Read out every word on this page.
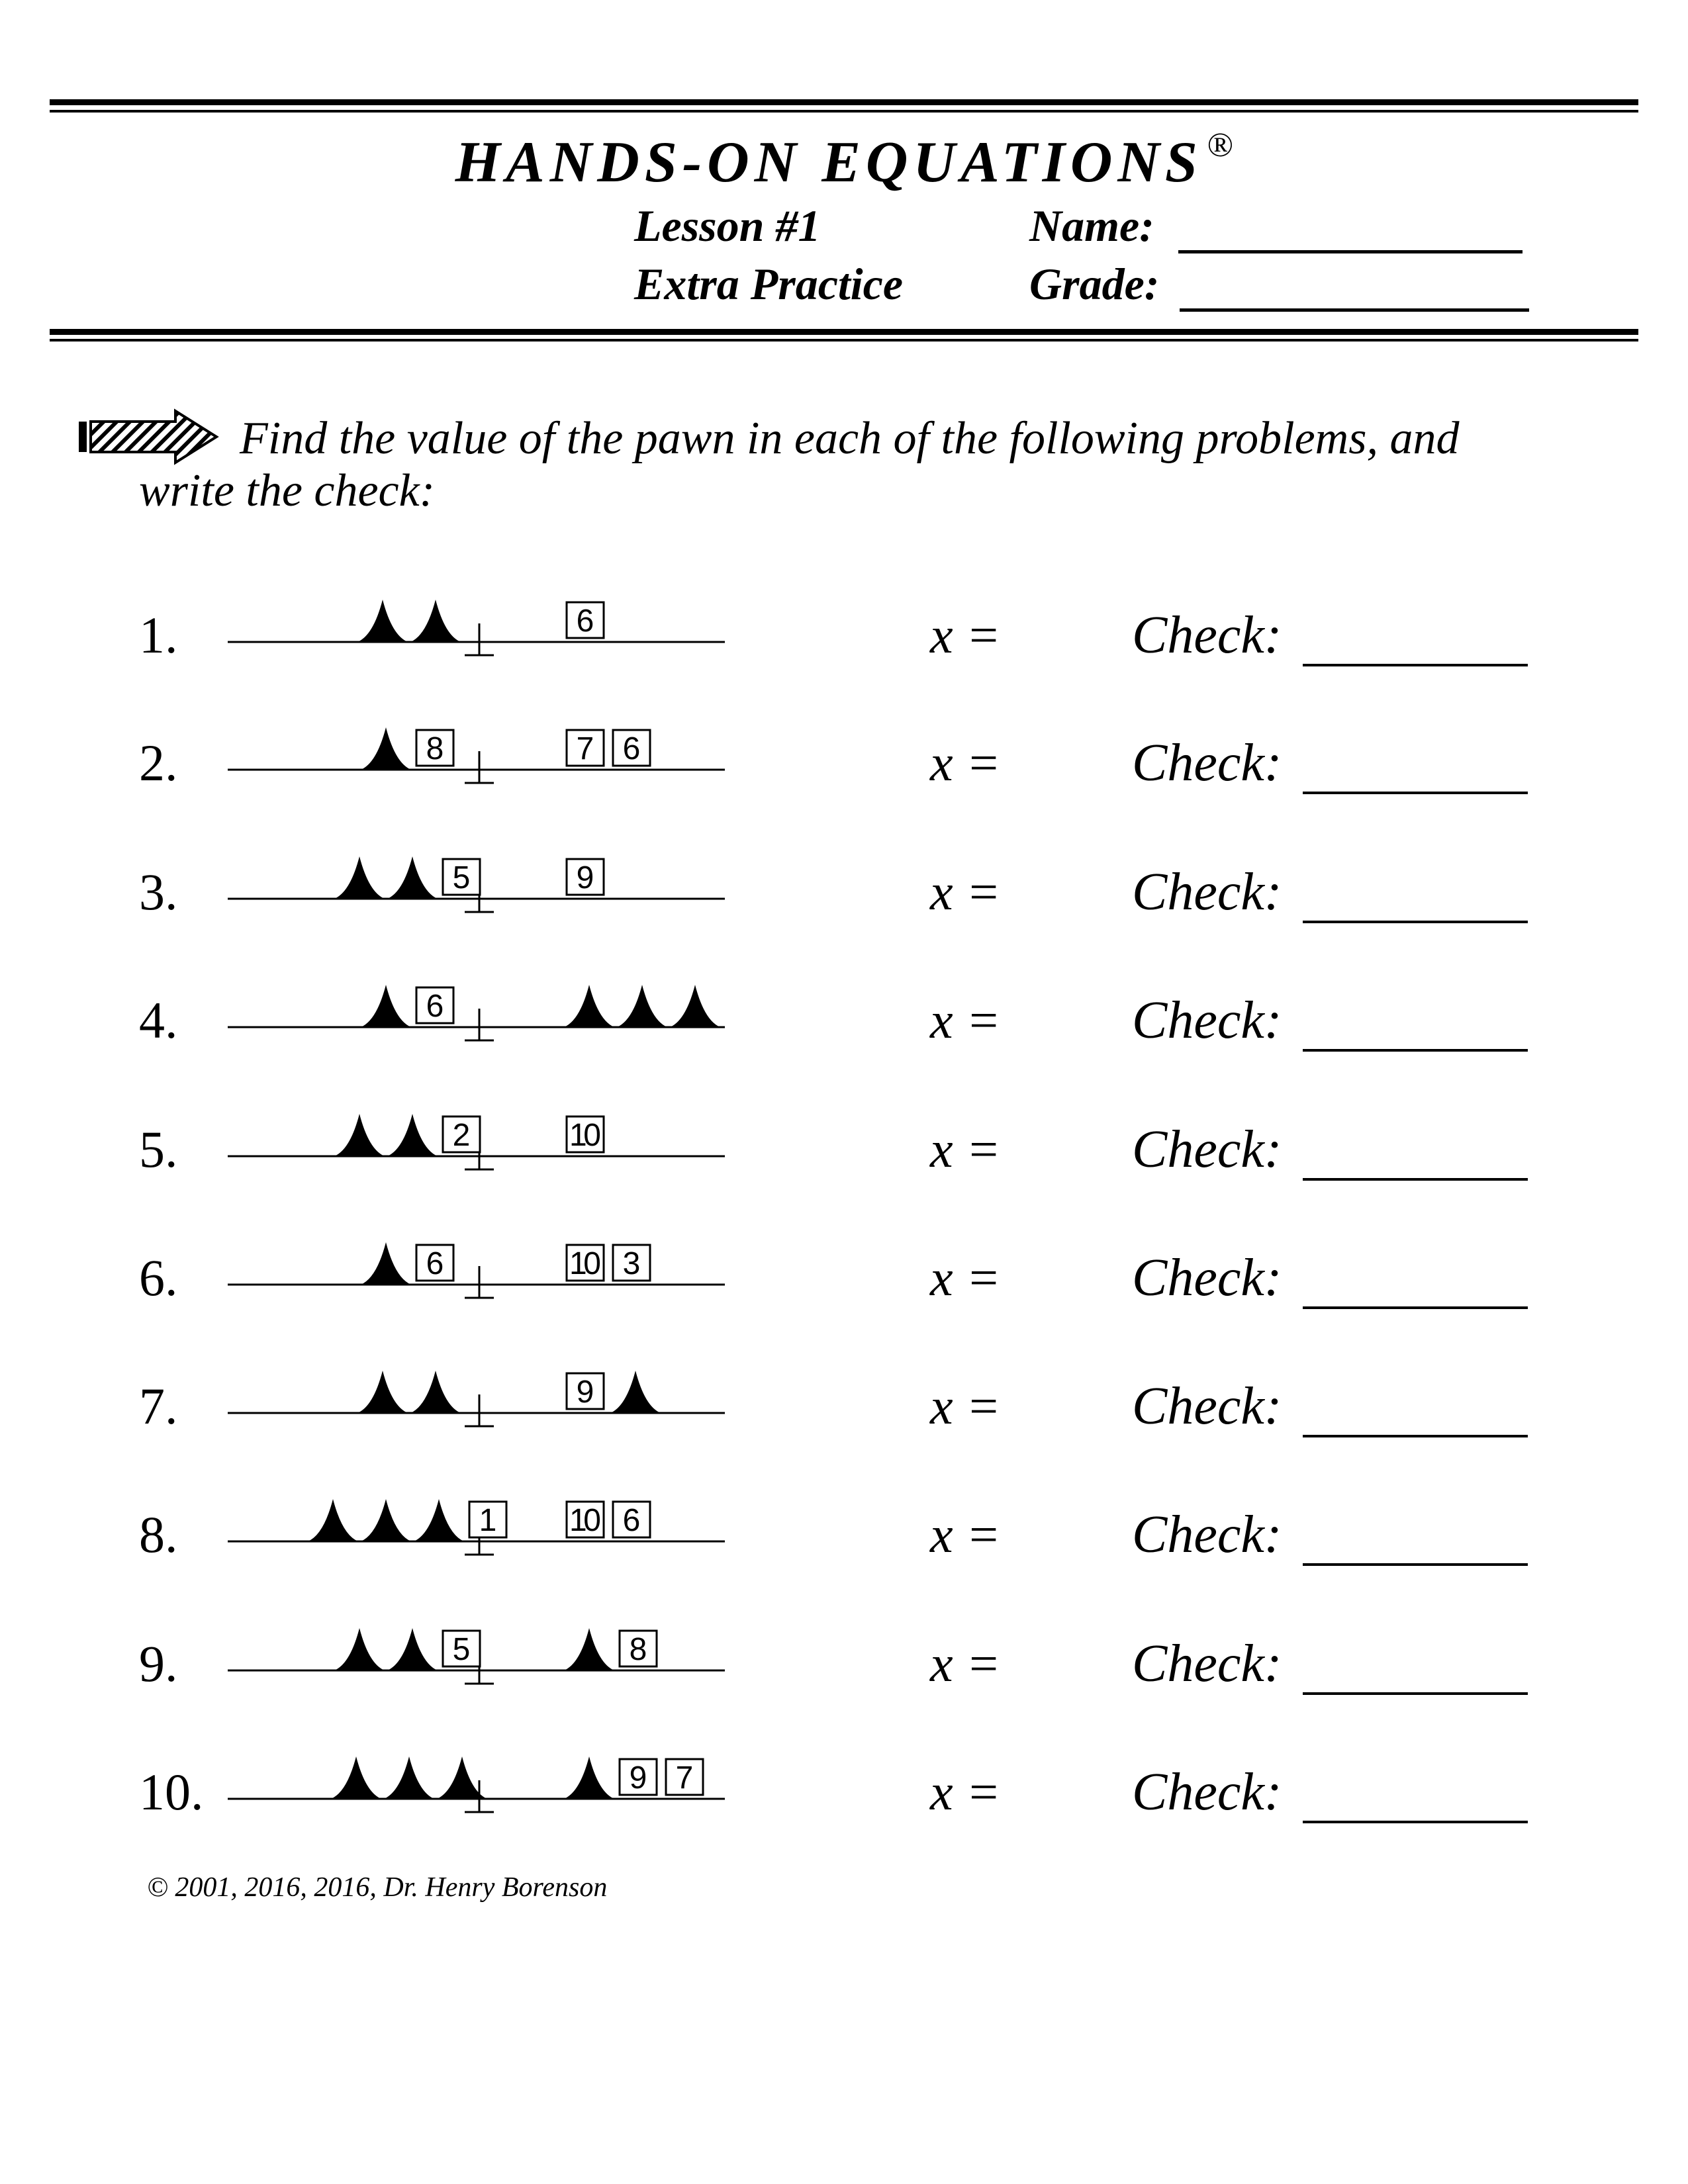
HANDS-ON EQUATIONS ®
Lesson #1
Extra Practice
Name:
Grade:
Find the value of the pawn in each of the following problems, and
write the check:
1.	6	x = Check:
2.	8	7 6	x = Check:
3.	5	9	x = Check:
4.	6	x = Check:
5.	2	10	x = Check:
6.	6	10 3	x = Check:
7.	9	x = Check:
8.	1 10 6	x = Check:
9.	5	8	x = Check:
10.	9 7	x = Check:
© 2001, 2016, 2016, Dr. Henry Borenson
